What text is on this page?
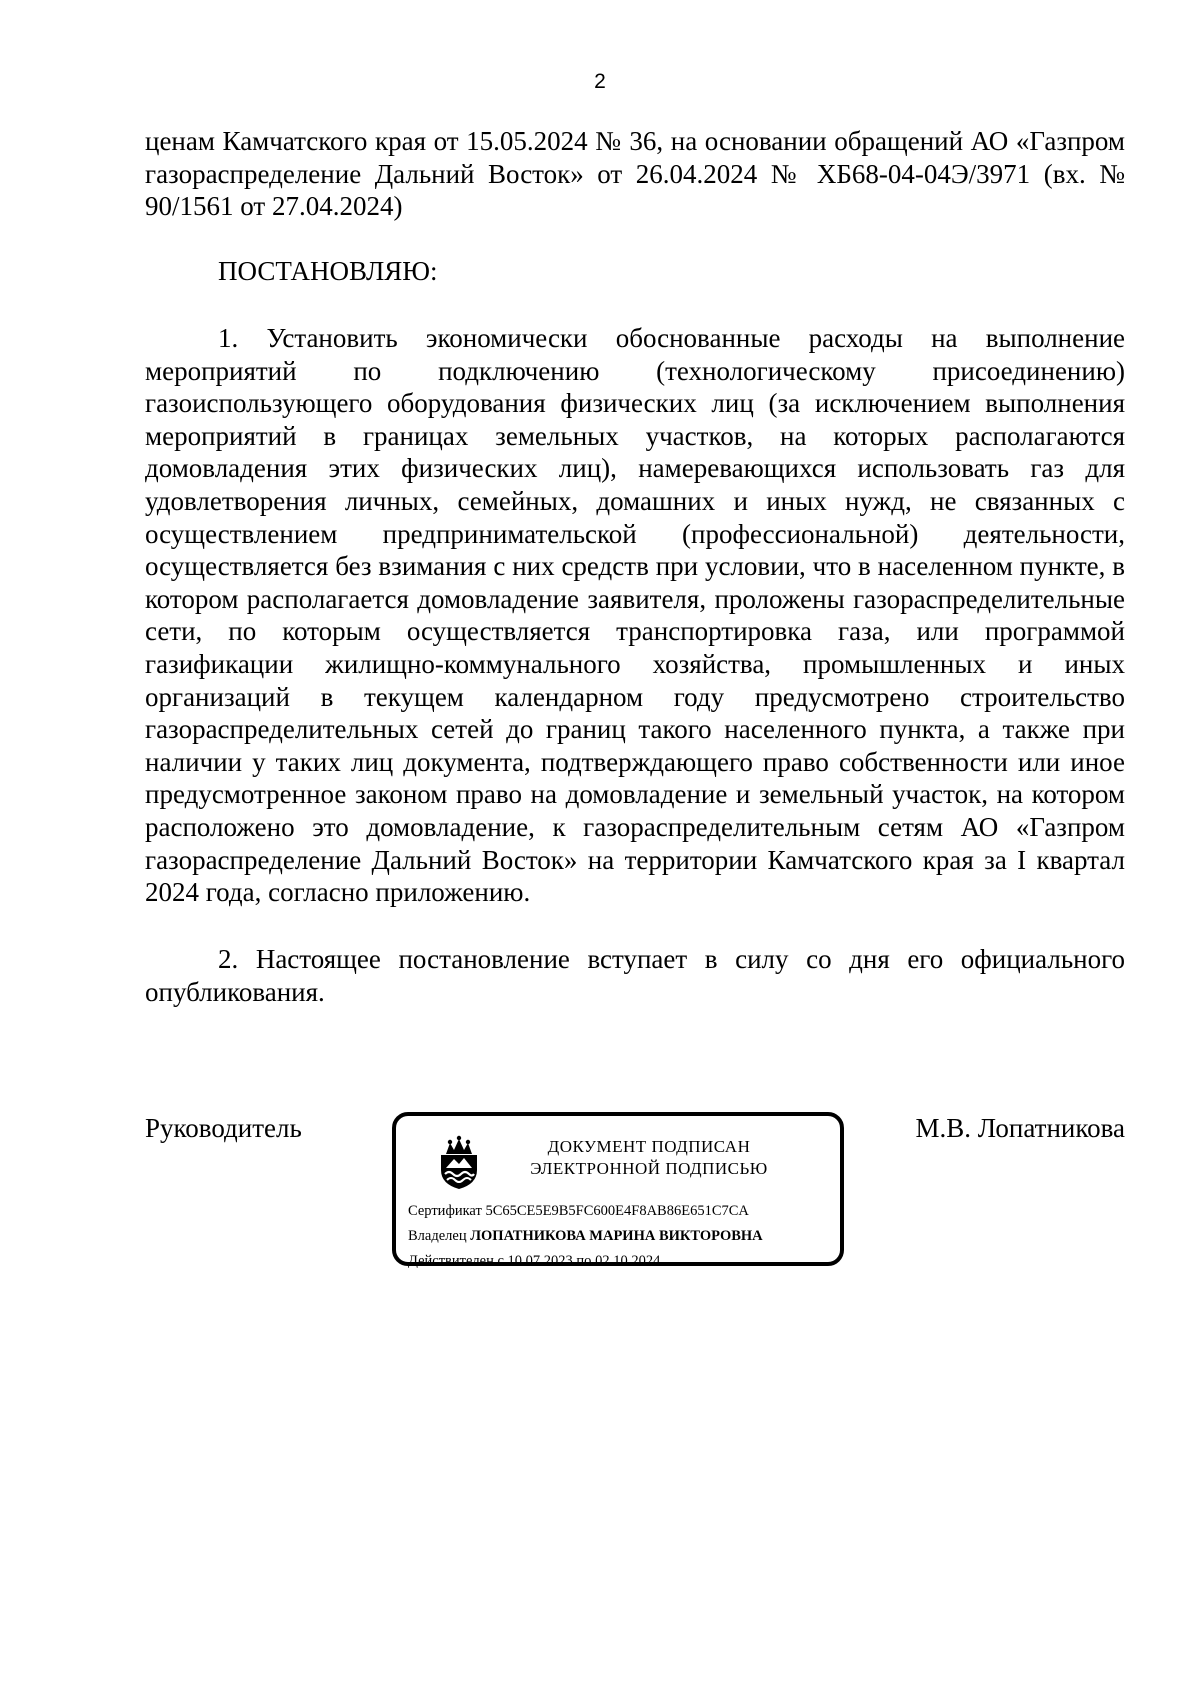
2

ценам Камчатского края от 15.05.2024 № 36, на основании обращений АО «Газпром газораспределение Дальний Восток» от 26.04.2024 № ХБ68-04-04Э/3971 (вх. № 90/1561 от 27.04.2024)

ПОСТАНОВЛЯЮ:

1. Установить экономически обоснованные расходы на выполнение мероприятий по подключению (технологическому присоединению) газоиспользующего оборудования физических лиц (за исключением выполнения мероприятий в границах земельных участков, на которых располагаются домовладения этих физических лиц), намеревающихся использовать газ для удовлетворения личных, семейных, домашних и иных нужд, не связанных с осуществлением предпринимательской (профессиональной) деятельности, осуществляется без взимания с них средств при условии, что в населенном пункте, в котором располагается домовладение заявителя, проложены газораспределительные сети, по которым осуществляется транспортировка газа, или программой газификации жилищно-коммунального хозяйства, промышленных и иных организаций в текущем календарном году предусмотрено строительство газораспределительных сетей до границ такого населенного пункта, а также при наличии у таких лиц документа, подтверждающего право собственности или иное предусмотренное законом право на домовладение и земельный участок, на котором расположено это домовладение, к газораспределительным сетям АО «Газпром газораспределение Дальний Восток» на территории Камчатского края за I квартал 2024 года, согласно приложению.

2. Настоящее постановление вступает в силу со дня его официального опубликования.

Руководитель
ДОКУМЕНТ ПОДПИСАН
ЭЛЕКТРОННОЙ ПОДПИСЬЮ
Сертификат 5C65CE5E9B5FC600E4F8AB86E651C7CA
Владелец ЛОПАТНИКОВА МАРИНА ВИКТОРОВНА
Действителен с 10.07.2023 по 02.10.2024
М.В. Лопатникова
